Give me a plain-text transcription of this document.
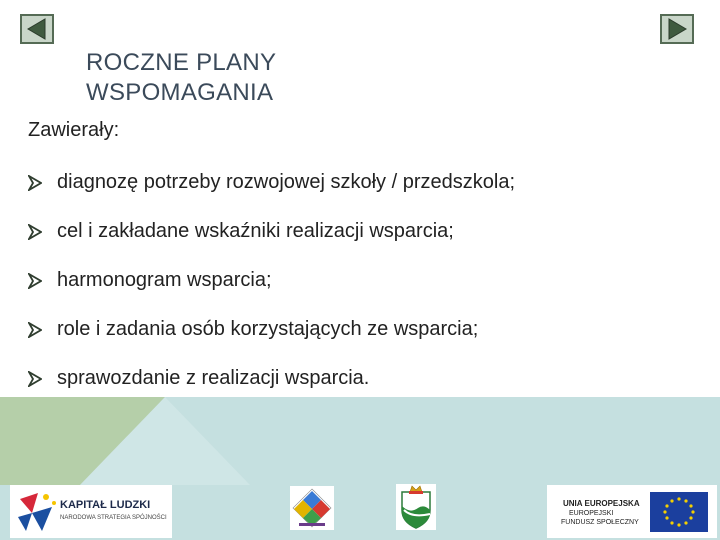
ROCZNE PLANY
WSPOMAGANIA
Zawierały:
diagnozę potrzeby rozwojowej szkoły / przedszkola;
cel i zakładane wskaźniki realizacji wsparcia;
harmonogram wsparcia;
role i zadania osób korzystających ze wsparcia;
sprawozdanie z realizacji wsparcia.
KAPITAŁ LUDZKI
NARODOWA STRATEGIA SPÓJNOŚCI
UNIA EUROPEJSKA
EUROPEJSKI
FUNDUSZ SPOŁECZNY
